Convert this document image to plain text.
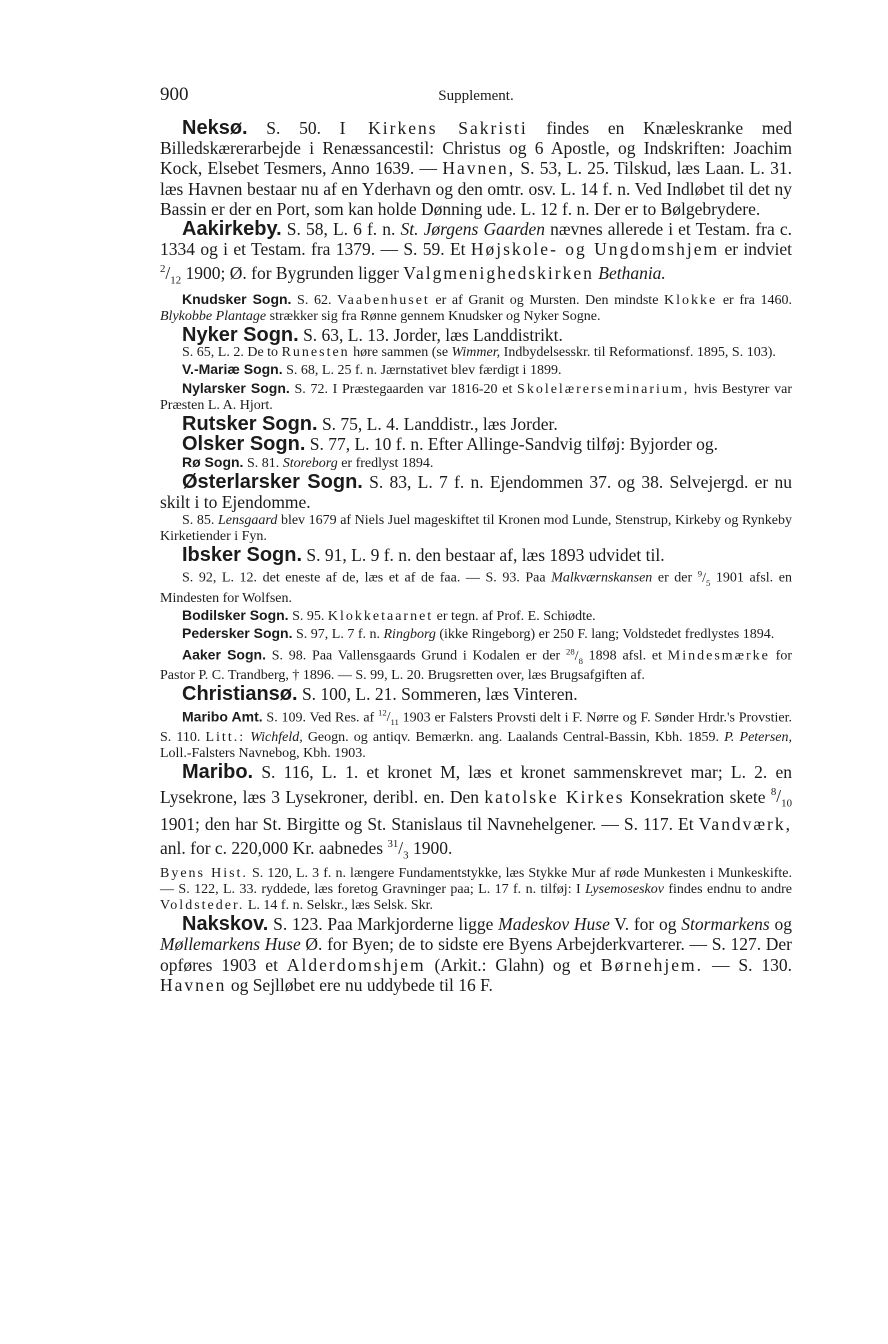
900	Supplement.

Neksø. S. 50. I Kirkens Sakristi findes en Knæleskranke med Billedskærerarbejde i Renæssancestil: Christus og 6 Apostle, og Indskriften: Joachim Kock, Elsebet Tesmers, Anno 1639. — Havnen, S. 53, L. 25. Tilskud, læs Laan. L. 31. læs Havnen bestaar nu af en Yderhavn og den omtr. osv. L. 14 f. n. Ved Indløbet til det ny Bassin er der en Port, som kan holde Dønning ude. L. 12 f. n. Der er to Bølgebrydere.

Aakirkeby. S. 58, L. 6 f. n. St. Jørgens Gaarden nævnes allerede i et Testam. fra c. 1334 og i et Testam. fra 1379. — S. 59. Et Højskole- og Ungdomshjem er indviet $^2/_{12}$ 1900; Ø. for Bygrunden ligger Valgmenighedskirken Bethania.

Knudsker Sogn. S. 62. Vaabenhuset er af Granit og Mursten. Den mindste Klokke er fra 1460. Blykobbe Plantage strækker sig fra Rønne gennem Knudsker og Nyker Sogne.

Nyker Sogn. S. 63, L. 13. Jorder, læs Landdistrikt.

S. 65, L. 2. De to Runesten høre sammen (se Wimmer, Indbydelsesskr. til Reformationsf. 1895, S. 103).

V.-Mariæ Sogn. S. 68, L. 25 f. n. Jærnstativet blev færdigt i 1899.

Nylarsker Sogn. S. 72. I Præstegaarden var 1816-20 et Skolelærerseminarium, hvis Bestyrer var Præsten L. A. Hjort.

Rutsker Sogn. S. 75, L. 4. Landdistr., læs Jorder.

Olsker Sogn. S. 77, L. 10 f. n. Efter Allinge-Sandvig tilføj: Byjorder og.

Rø Sogn. S. 81. Storeborg er fredlyst 1894.

Østerlarsker Sogn. S. 83, L. 7 f. n. Ejendommen 37. og 38. Selvejergd. er nu skilt i to Ejendomme.

S. 85. Lensgaard blev 1679 af Niels Juel mageskiftet til Kronen mod Lunde, Stenstrup, Kirkeby og Rynkeby Kirketiender i Fyn.

Ibsker Sogn. S. 91, L. 9 f. n. den bestaar af, læs 1893 udvidet til.

S. 92, L. 12. det eneste af de, læs et af de faa. — S. 93. Paa Malkværnskansen er der $^9/_5$ 1901 afsl. en Mindesten for Wolfsen.

Bodilsker Sogn. S. 95. Klokketaarnet er tegn. af Prof. E. Schiødte.

Pedersker Sogn. S. 97, L. 7 f. n. Ringborg (ikke Ringeborg) er 250 F. lang; Voldstedet fredlystes 1894.

Aaker Sogn. S. 98. Paa Vallensgaards Grund i Kodalen er der $^{28}/_8$ 1898 afsl. et Mindesmærke for Pastor P. C. Trandberg, † 1896. — S. 99, L. 20. Brugsretten over, læs Brugsafgiften af.

Christiansø. S. 100, L. 21. Sommeren, læs Vinteren.

Maribo Amt. S. 109. Ved Res. af $^{12}/_{11}$ 1903 er Falsters Provsti delt i F. Nørre og F. Sønder Hrdr.'s Provstier. S. 110. Litt.: Wichfeld, Geogn. og antiqv. Bemærkn. ang. Laalands Central-Bassin, Kbh. 1859. P. Petersen, Loll.-Falsters Navnebog, Kbh. 1903.

Maribo. S. 116, L. 1. et kronet M, læs et kronet sammenskrevet mar; L. 2. en Lysekrone, læs 3 Lysekroner, deribl. en. Den katolske Kirkes Konsekration skete $^8/_{10}$ 1901; den har St. Birgitte og St. Stanislaus til Navnehelgener. — S. 117. Et Vandværk, anl. for c. 220,000 Kr. aabnedes $^{31}/_3$ 1900.

Byens Hist. S. 120, L. 3 f. n. længere Fundamentstykke, læs Stykke Mur af røde Munkesten i Munkeskifte. — S. 122, L. 33. ryddede, læs foretog Gravninger paa; L. 17 f. n. tilføj: I Lysemoseskov findes endnu to andre Voldsteder. L. 14 f. n. Selskr., læs Selsk. Skr.

Nakskov. S. 123. Paa Markjorderne ligge Madeskov Huse V. for og Stormarkens og Møllemarkens Huse Ø. for Byen; de to sidste ere Byens Arbejderkvarterer. — S. 127. Der opføres 1903 et Alderdomshjem (Arkit.: Glahn) og et Børnehjem. — S. 130. Havnen og Sejlløbet ere nu uddybede til 16 F.
